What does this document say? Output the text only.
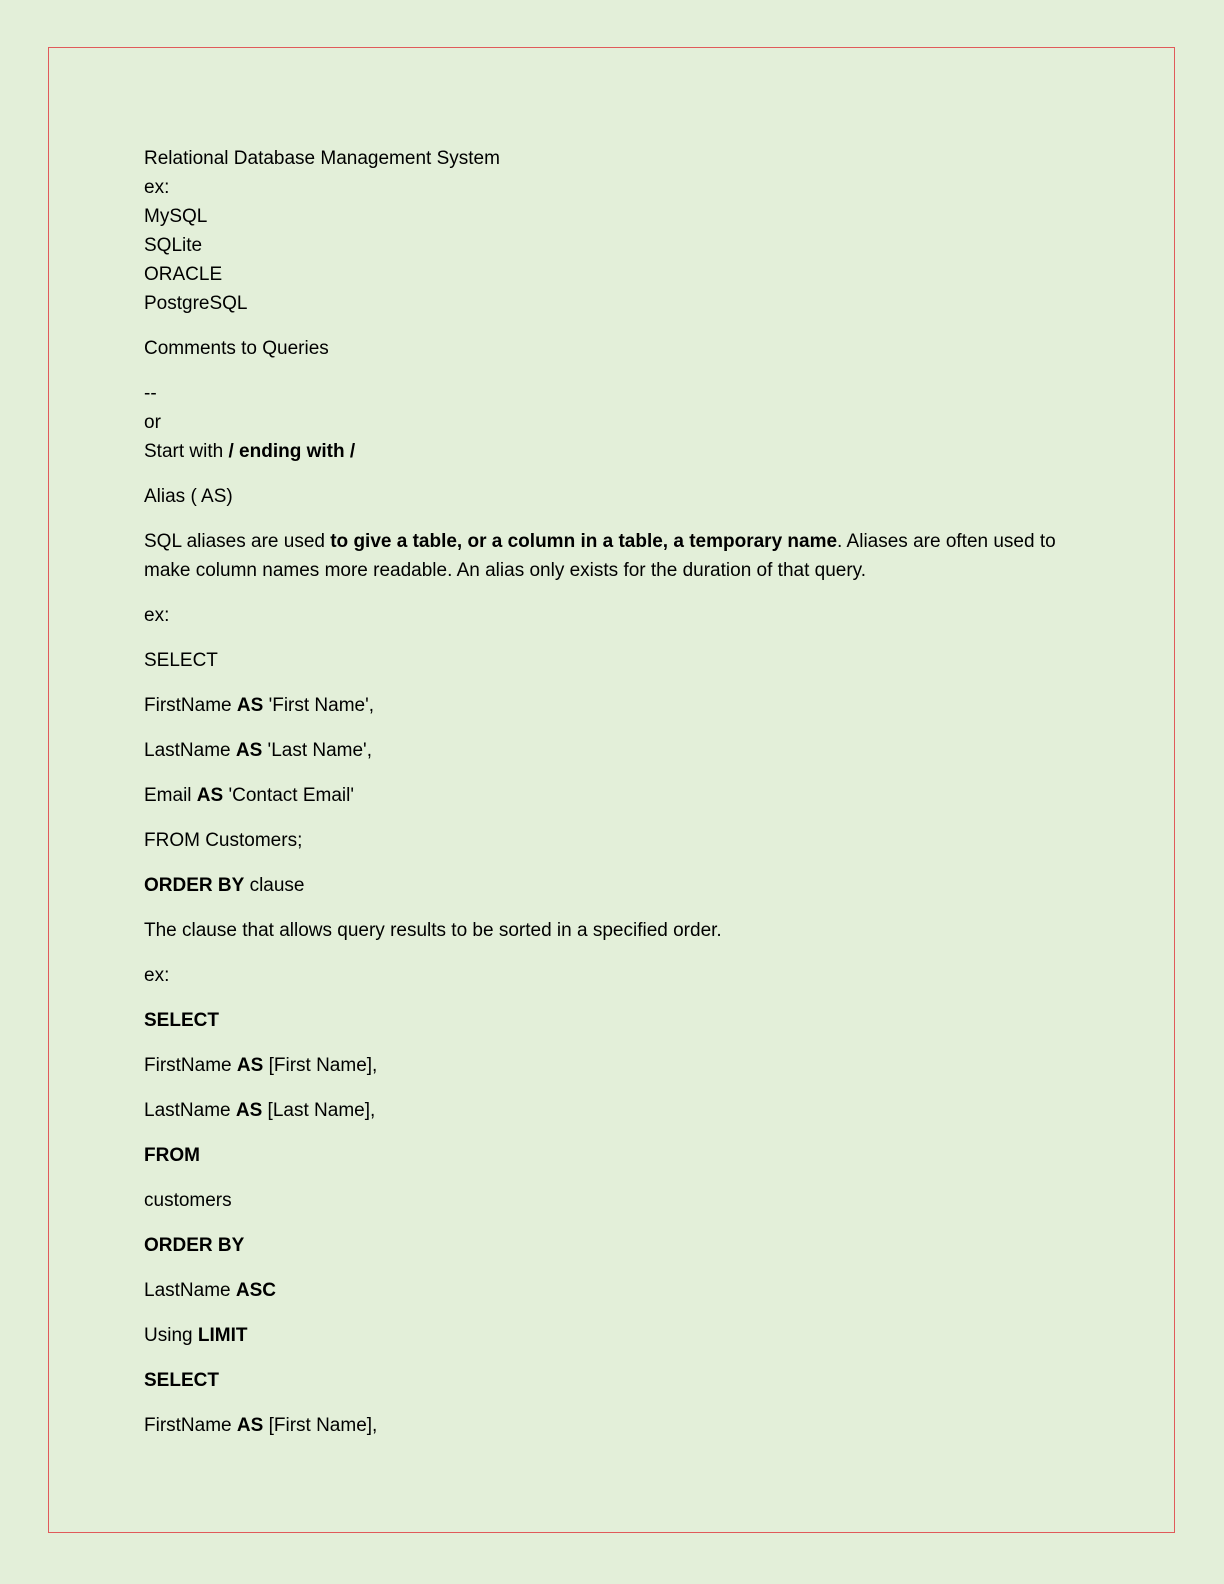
Relational Database Management System

ex:

MySQL

SQLite

ORACLE

PostgreSQL

Comments to Queries

--

or

Start with / ending with /

Alias ( AS)

SQL aliases are used to give a table, or a column in a table, a temporary name. Aliases are often used to make column names more readable. An alias only exists for the duration of that query.

ex:

SELECT

FirstName AS 'First Name',

LastName AS 'Last Name',

Email AS 'Contact Email'

FROM Customers;

ORDER BY clause

The clause that allows query results to be sorted in a specified order.

ex:

SELECT

FirstName AS [First Name],

LastName AS [Last Name],

FROM

customers

ORDER BY

LastName ASC

Using LIMIT

SELECT

FirstName AS [First Name],
